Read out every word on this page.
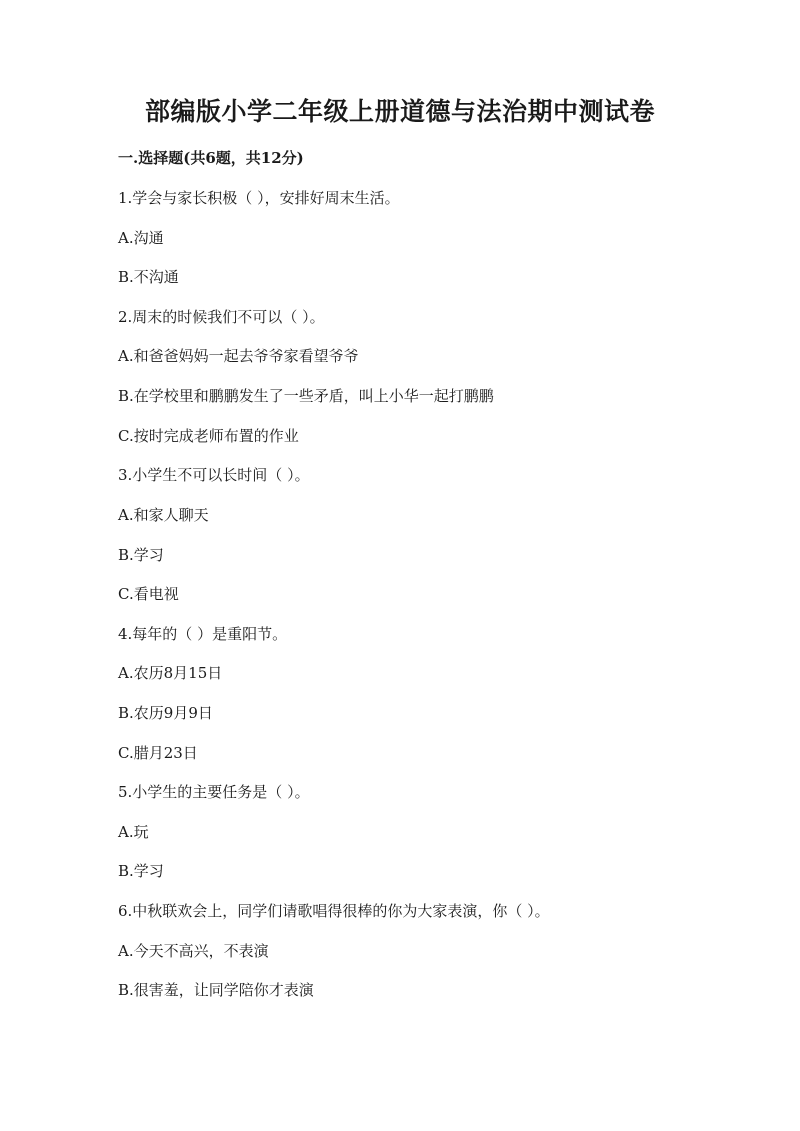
部编版小学二年级上册道德与法治期中测试卷
一.选择题(共6题，共12分)
1.学会与家长积极（ ），安排好周末生活。
A.沟通
B.不沟通
2.周末的时候我们不可以（ ）。
A.和爸爸妈妈一起去爷爷家看望爷爷
B.在学校里和鹏鹏发生了一些矛盾，叫上小华一起打鹏鹏
C.按时完成老师布置的作业
3.小学生不可以长时间（ ）。
A.和家人聊天
B.学习
C.看电视
4.每年的（ ）是重阳节。
A.农历8月15日
B.农历9月9日
C.腊月23日
5.小学生的主要任务是（ ）。
A.玩
B.学习
6.中秋联欢会上，同学们请歌唱得很棒的你为大家表演，你（ ）。
A.今天不高兴，不表演
B.很害羞，让同学陪你才表演
